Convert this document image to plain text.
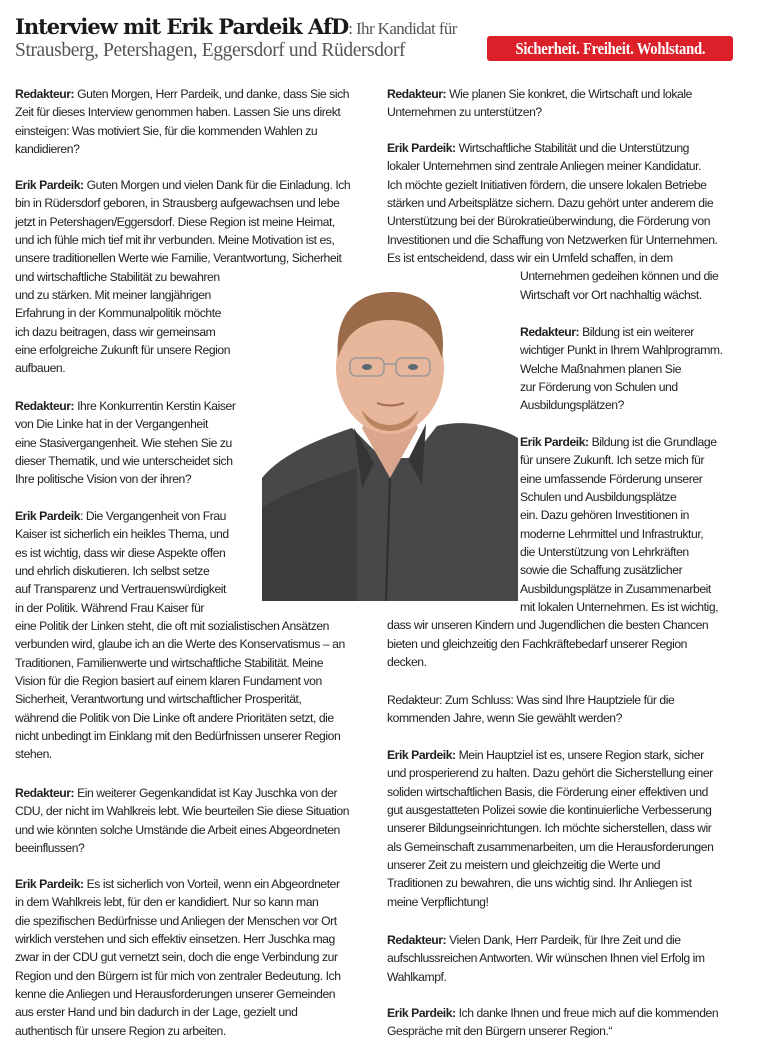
Interview mit Erik Pardeik AfD: Ihr Kandidat für
Strausberg, Petershagen, Eggersdorf und Rüdersdorf	Sicherheit. Freiheit. Wohlstand.
Redakteur: Guten Morgen, Herr Pardeik, und danke, dass Sie sich
Zeit für dieses Interview genommen haben. Lassen Sie uns direkt
einsteigen: Was motiviert Sie, für die kommenden Wahlen zu
kandidieren?
Erik Pardeik: Guten Morgen und vielen Dank für die Einladung. Ich
bin in Rüdersdorf geboren, in Strausberg aufgewachsen und lebe
jetzt in Petershagen/Eggersdorf. Diese Region ist meine Heimat,
und ich fühle mich tief mit ihr verbunden. Meine Motivation ist es,
unsere traditionellen Werte wie Familie, Verantwortung, Sicherheit
und wirtschaftliche Stabilität zu bewahren
und zu stärken. Mit meiner langjährigen
Erfahrung in der Kommunalpolitik möchte
ich dazu beitragen, dass wir gemeinsam
eine erfolgreiche Zukunft für unsere Region
aufbauen.
Redakteur: Ihre Konkurrentin Kerstin Kaiser
von Die Linke hat in der Vergangenheit
eine Stasivergangenheit. Wie stehen Sie zu
dieser Thematik, und wie unterscheidet sich
Ihre politische Vision von der ihren?
Erik Pardeik: Die Vergangenheit von Frau
Kaiser ist sicherlich ein heikles Thema, und
es ist wichtig, dass wir diese Aspekte offen
und ehrlich diskutieren. Ich selbst setze
auf Transparenz und Vertrauenswürdigkeit
in der Politik. Während Frau Kaiser für
eine Politik der Linken steht, die oft mit sozialistischen Ansätzen
verbunden wird, glaube ich an die Werte des Konservatismus – an
Traditionen, Familienwerte und wirtschaftliche Stabilität. Meine
Vision für die Region basiert auf einem klaren Fundament von
Sicherheit, Verantwortung und wirtschaftlicher Prosperität,
während die Politik von Die Linke oft andere Prioritäten setzt, die
nicht unbedingt im Einklang mit den Bedürfnissen unserer Region
stehen.
Redakteur: Ein weiterer Gegenkandidat ist Kay Juschka von der
CDU, der nicht im Wahlkreis lebt. Wie beurteilen Sie diese Situation
und wie könnten solche Umstände die Arbeit eines Abgeordneten
beeinflussen?
Erik Pardeik: Es ist sicherlich von Vorteil, wenn ein Abgeordneter
in dem Wahlkreis lebt, für den er kandidiert. Nur so kann man
die spezifischen Bedürfnisse und Anliegen der Menschen vor Ort
wirklich verstehen und sich effektiv einsetzen. Herr Juschka mag
zwar in der CDU gut vernetzt sein, doch die enge Verbindung zur
Region und den Bürgern ist für mich von zentraler Bedeutung. Ich
kenne die Anliegen und Herausforderungen unserer Gemeinden
aus erster Hand und bin dadurch in der Lage, gezielt und
authentisch für unsere Region zu arbeiten.
Redakteur: Wie planen Sie konkret, die Wirtschaft und lokale
Unternehmen zu unterstützen?
Erik Pardeik: Wirtschaftliche Stabilität und die Unterstützung
lokaler Unternehmen sind zentrale Anliegen meiner Kandidatur.
Ich möchte gezielt Initiativen fördern, die unsere lokalen Betriebe
stärken und Arbeitsplätze sichern. Dazu gehört unter anderem die
Unterstützung bei der Bürokratieüberwindung, die Förderung von
Investitionen und die Schaffung von Netzwerken für Unternehmen.
Es ist entscheidend, dass wir ein Umfeld schaffen, in dem
Unternehmen gedeihen können und die
Wirtschaft vor Ort nachhaltig wächst.
Redakteur: Bildung ist ein weiterer
wichtiger Punkt in Ihrem Wahlprogramm.
Welche Maßnahmen planen Sie
zur Förderung von Schulen und
Ausbildungsplätzen?
Erik Pardeik: Bildung ist die Grundlage
für unsere Zukunft. Ich setze mich für
eine umfassende Förderung unserer
Schulen und Ausbildungsplätze
ein. Dazu gehören Investitionen in
moderne Lehrmittel und Infrastruktur,
die Unterstützung von Lehrkräften
sowie die Schaffung zusätzlicher
Ausbildungsplätze in Zusammenarbeit
mit lokalen Unternehmen. Es ist wichtig,
dass wir unseren Kindern und Jugendlichen die besten Chancen
bieten und gleichzeitig den Fachkräftebedarf unserer Region
decken.
Redakteur: Zum Schluss: Was sind Ihre Hauptziele für die
kommenden Jahre, wenn Sie gewählt werden?
Erik Pardeik: Mein Hauptziel ist es, unsere Region stark, sicher
und prosperierend zu halten. Dazu gehört die Sicherstellung einer
soliden wirtschaftlichen Basis, die Förderung einer effektiven und
gut ausgestatteten Polizei sowie die kontinuierliche Verbesserung
unserer Bildungseinrichtungen. Ich möchte sicherstellen, dass wir
als Gemeinschaft zusammenarbeiten, um die Herausforderungen
unserer Zeit zu meistern und gleichzeitig die Werte und
Traditionen zu bewahren, die uns wichtig sind. Ihr Anliegen ist
meine Verpflichtung!
Redakteur: Vielen Dank, Herr Pardeik, für Ihre Zeit und die
aufschlussreichen Antworten. Wir wünschen Ihnen viel Erfolg im
Wahlkampf.
Erik Pardeik: Ich danke Ihnen und freue mich auf die kommenden
Gespräche mit den Bürgern unserer Region.“
